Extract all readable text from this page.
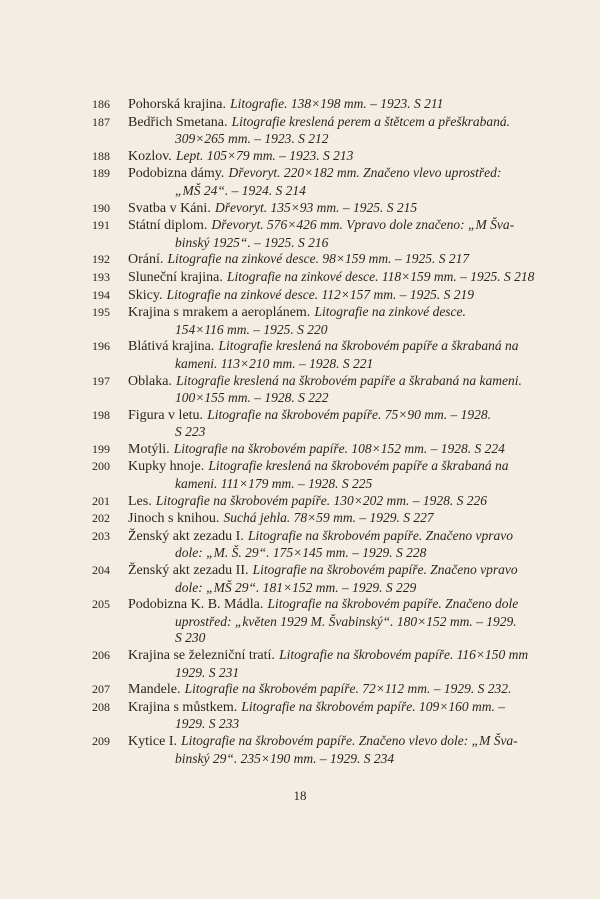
186	Pohorská krajina. Litografie. 138×198 mm. – 1923. S 211
187	Bedřich Smetana. Litografie kreslená perem a štětcem a přeškrabaná.
309×265 mm. – 1923. S 212
188	Kozlov. Lept. 105×79 mm. – 1923. S 213
189	Podobizna dámy. Dřevoryt. 220×182 mm. Značeno vlevo uprostřed:
„MŠ 24“. – 1924. S 214
190	Svatba v Káni. Dřevoryt. 135×93 mm. – 1925. S 215
191	Státní diplom. Dřevoryt. 576×426 mm. Vpravo dole značeno: „M Šva-
binský 1925“. – 1925. S 216
192	Orání. Litografie na zinkové desce. 98×159 mm. – 1925. S 217
193	Sluneční krajina. Litografie na zinkové desce. 118×159 mm. – 1925. S 218
194	Skicy. Litografie na zinkové desce. 112×157 mm. – 1925. S 219
195	Krajina s mrakem a aeroplánem. Litografie na zinkové desce.
154×116 mm. – 1925. S 220
196	Blátivá krajina. Litografie kreslená na škrobovém papíře a škrabaná na
kameni. 113×210 mm. – 1928. S 221
197	Oblaka. Litografie kreslená na škrobovém papíře a škrabaná na kameni.
100×155 mm. – 1928. S 222
198	Figura v letu. Litografie na škrobovém papíře. 75×90 mm. – 1928.
S 223
199	Motýli. Litografie na škrobovém papíře. 108×152 mm. – 1928. S 224
200	Kupky hnoje. Litografie kreslená na škrobovém papíře a škrabaná na
kameni. 111×179 mm. – 1928. S 225
201	Les. Litografie na škrobovém papíře. 130×202 mm. – 1928. S 226
202	Jinoch s knihou. Suchá jehla. 78×59 mm. – 1929. S 227
203	Ženský akt zezadu I. Litografie na škrobovém papíře. Značeno vpravo
dole: „M. Š. 29“. 175×145 mm. – 1929. S 228
204	Ženský akt zezadu II. Litografie na škrobovém papíře. Značeno vpravo
dole: „MŠ 29“. 181×152 mm. – 1929. S 229
205	Podobizna K. B. Mádla. Litografie na škrobovém papíře. Značeno dole
uprostřed: „květen 1929 M. Švabinský“. 180×152 mm. – 1929.
S 230
206	Krajina se železniční tratí. Litografie na škrobovém papíře. 116×150 mm
1929. S 231
207	Mandele. Litografie na škrobovém papíře. 72×112 mm. – 1929. S 232.
208	Krajina s můstkem. Litografie na škrobovém papíře. 109×160 mm. –
1929. S 233
209	Kytice I. Litografie na škrobovém papíře. Značeno vlevo dole: „M Šva-
binský 29“. 235×190 mm. – 1929. S 234
18
